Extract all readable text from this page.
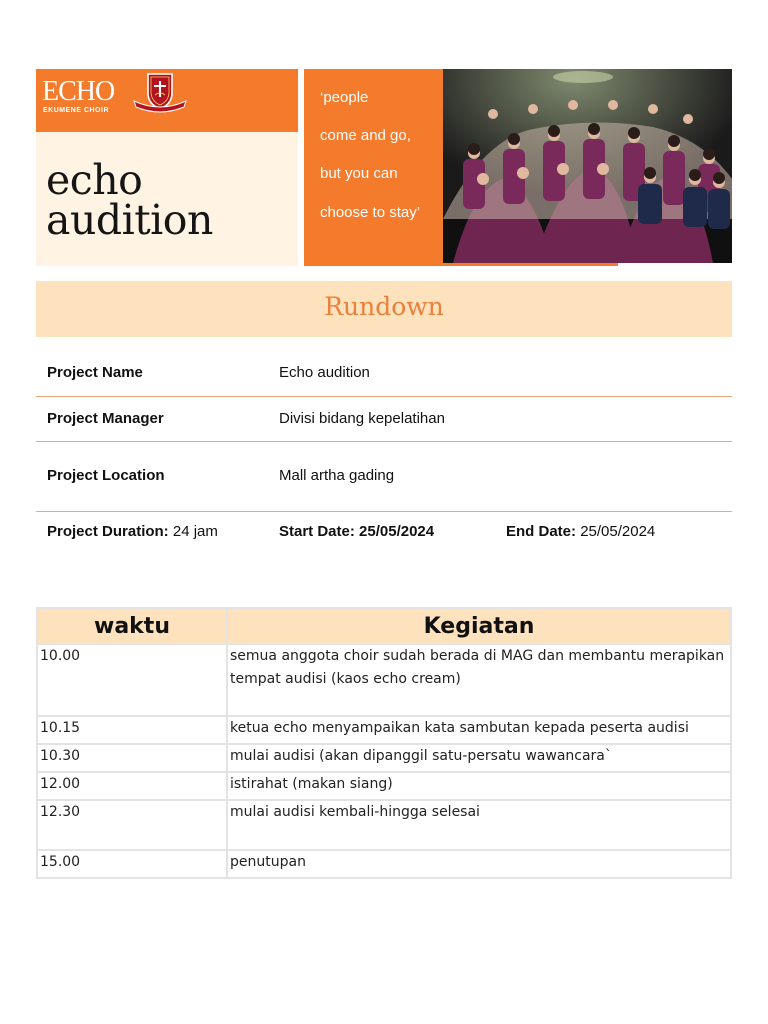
ECHO
EKUMENE CHOIR
echo
audition
‘people
come and go,
but you can
choose to stay’
Rundown
Project Name	Echo audition
Project Manager	Divisi bidang kepelatihan
Project Location	Mall artha gading
Project Duration: 24 jam	Start Date: 25/05/2024	End Date: 25/05/2024
waktu	Kegiatan
10.00	semua anggota choir sudah berada di MAG dan membantu merapikan tempat audisi (kaos echo cream)
10.15	ketua echo menyampaikan kata sambutan kepada peserta audisi
10.30	mulai audisi (akan dipanggil satu-persatu wawancara`
12.00	istirahat (makan siang)
12.30	mulai audisi kembali-hingga selesai
15.00	penutupan
